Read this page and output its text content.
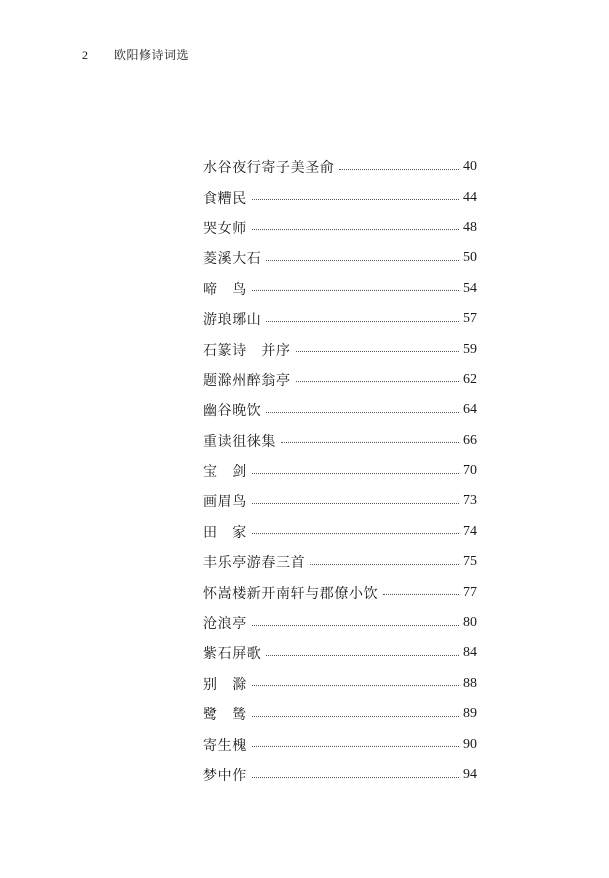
2 欧阳修诗词选
水谷夜行寄子美圣俞	40
食糟民	44
哭女师	48
菱溪大石	50
啼　鸟	54
游琅琊山	57
石篆诗　并序	59
题滁州醉翁亭	62
幽谷晚饮	64
重读徂徕集	66
宝　剑	70
画眉鸟	73
田　家	74
丰乐亭游春三首	75
怀嵩楼新开南轩与郡僚小饮	77
沧浪亭	80
紫石屏歌	84
别　滁	88
鹭　鸶	89
寄生槐	90
梦中作	94
